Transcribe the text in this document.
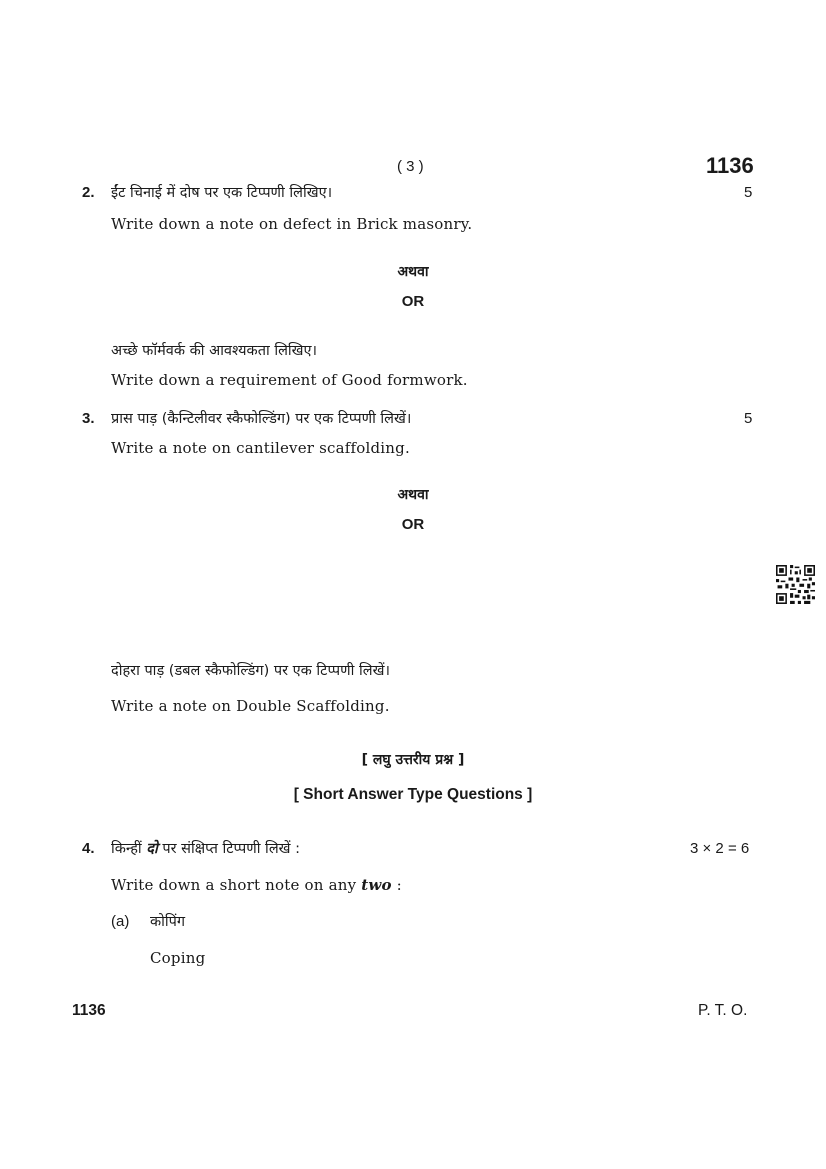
( 3 )	1136
2. ईंट चिनाई में दोष पर एक टिप्पणी लिखिए।	5
Write down a note on defect in Brick masonry.
अथवा
OR
अच्छे फॉर्मवर्क की आवश्यकता लिखिए।
Write down a requirement of Good formwork.
3. प्रास पाड़ (कैन्टिलीवर स्कैफोल्डिंग) पर एक टिप्पणी लिखें।	5
Write a note on cantilever scaffolding.
अथवा
OR
दोहरा पाड़ (डबल स्कैफोल्डिंग) पर एक टिप्पणी लिखें।
Write a note on Double Scaffolding.
[ लघु उत्तरीय प्रश्न ]
[ Short Answer Type Questions ]
4. किन्हीं दो पर संक्षिप्त टिप्पणी लिखें :	3 × 2 = 6
Write down a short note on any two :
(a) कोपिंग
Coping
1136	P. T. O.
